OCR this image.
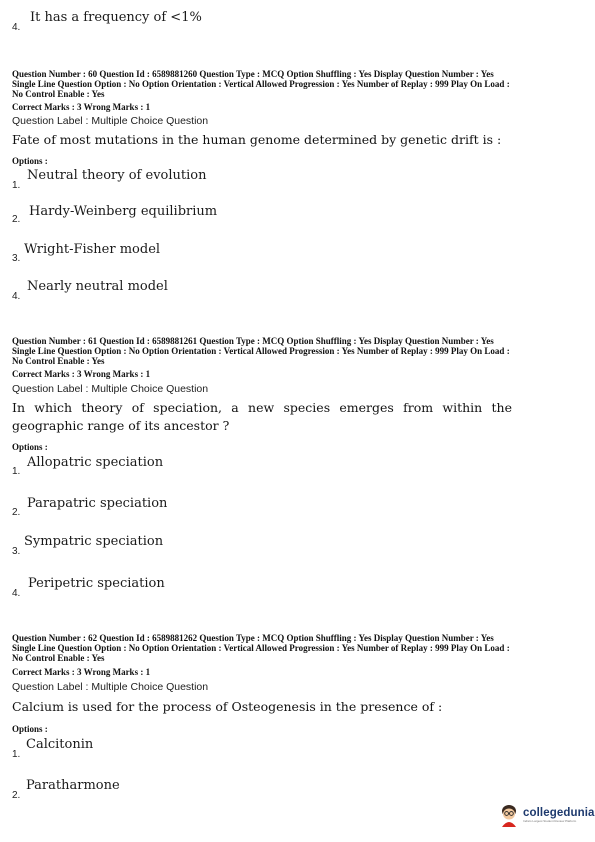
4.
It has a frequency of <1%
Question Number : 60 Question Id : 6589881260 Question Type : MCQ Option Shuffling : Yes Display Question Number : Yes
Single Line Question Option : No Option Orientation : Vertical Allowed Progression : Yes Number of Replay : 999 Play On Load :
No Control Enable : Yes
Correct Marks : 3 Wrong Marks : 1
Question Label : Multiple Choice Question
Fate of most mutations in the human genome determined by genetic drift is :
Options :
1.
Neutral theory of evolution
2.
Hardy-Weinberg equilibrium
3.
Wright-Fisher model
4.
Nearly neutral model
Question Number : 61 Question Id : 6589881261 Question Type : MCQ Option Shuffling : Yes Display Question Number : Yes
Single Line Question Option : No Option Orientation : Vertical Allowed Progression : Yes Number of Replay : 999 Play On Load :
No Control Enable : Yes
Correct Marks : 3 Wrong Marks : 1
Question Label : Multiple Choice Question
In which theory of speciation, a new species emerges from within the
geographic range of its ancestor ?
Options :
1.
Allopatric speciation
2.
Parapatric speciation
3.
Sympatric speciation
4.
Peripetric speciation
Question Number : 62 Question Id : 6589881262 Question Type : MCQ Option Shuffling : Yes Display Question Number : Yes
Single Line Question Option : No Option Orientation : Vertical Allowed Progression : Yes Number of Replay : 999 Play On Load :
No Control Enable : Yes
Correct Marks : 3 Wrong Marks : 1
Question Label : Multiple Choice Question
Calcium is used for the process of Osteogenesis in the presence of :
Options :
1.
Calcitonin
2.
Paratharmone
collegedunia
India's Largest Student Review Platform
